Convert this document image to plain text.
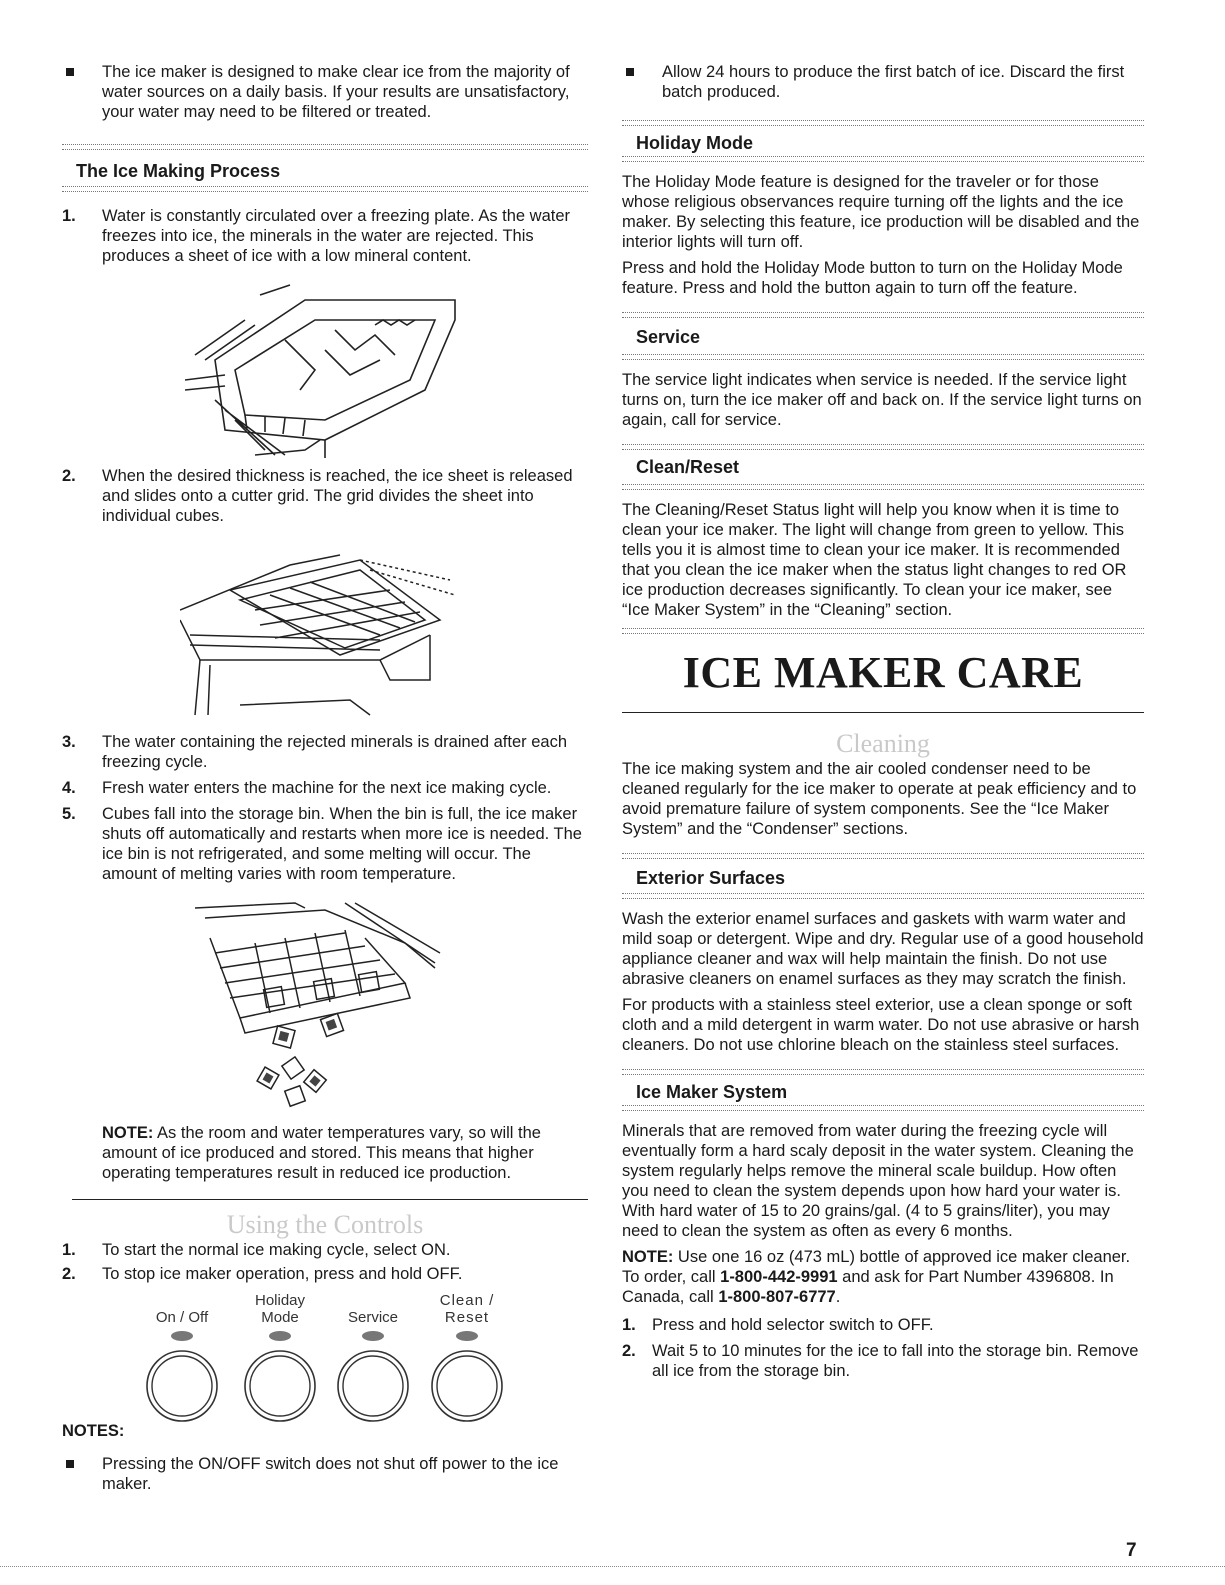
The ice maker is designed to make clear ice from the majority of water sources on a daily basis. If your results are unsatisfactory, your water may need to be filtered or treated.
The Ice Making Process
1. Water is constantly circulated over a freezing plate. As the water freezes into ice, the minerals in the water are rejected. This produces a sheet of ice with a low mineral content.
2. When the desired thickness is reached, the ice sheet is released and slides onto a cutter grid. The grid divides the sheet into individual cubes.
3. The water containing the rejected minerals is drained after each freezing cycle.
4. Fresh water enters the machine for the next ice making cycle.
5. Cubes fall into the storage bin. When the bin is full, the ice maker shuts off automatically and restarts when more ice is needed. The ice bin is not refrigerated, and some melting will occur. The amount of melting varies with room temperature.

NOTE: As the room and water temperatures vary, so will the amount of ice produced and stored. This means that higher operating temperatures result in reduced ice production.

Using the Controls
1. To start the normal ice making cycle, select ON.
2. To stop ice maker operation, press and hold OFF.
On / Off
Holiday
Mode	Service
Clean /
Reset
NOTES:
Pressing the ON/OFF switch does not shut off power to the ice maker.
Allow 24 hours to produce the first batch of ice. Discard the first batch produced.
Holiday Mode

The Holiday Mode feature is designed for the traveler or for those whose religious observances require turning off the lights and the ice maker. By selecting this feature, ice production will be disabled and the interior lights will turn off.

Press and hold the Holiday Mode button to turn on the Holiday Mode feature. Press and hold the button again to turn off the feature.

Service

The service light indicates when service is needed. If the service light turns on, turn the ice maker off and back on. If the service light turns on again, call for service.

Clean/Reset

The Cleaning/Reset Status light will help you know when it is time to clean your ice maker. The light will change from green to yellow. This tells you it is almost time to clean your ice maker. It is recommended that you clean the ice maker when the status light changes to red OR ice production decreases significantly. To clean your ice maker, see “Ice Maker System” in the “Cleaning” section.

ICE MAKER CARE
Cleaning

The ice making system and the air cooled condenser need to be cleaned regularly for the ice maker to operate at peak efficiency and to avoid premature failure of system components. See the “Ice Maker System” and the “Condenser” sections.

Exterior Surfaces

Wash the exterior enamel surfaces and gaskets with warm water and mild soap or detergent. Wipe and dry. Regular use of a good household appliance cleaner and wax will help maintain the finish. Do not use abrasive cleaners on enamel surfaces as they may scratch the finish.

For products with a stainless steel exterior, use a clean sponge or soft cloth and a mild detergent in warm water. Do not use abrasive or harsh cleaners. Do not use chlorine bleach on the stainless steel surfaces.

Ice Maker System

Minerals that are removed from water during the freezing cycle will eventually form a hard scaly deposit in the water system. Cleaning the system regularly helps remove the mineral scale buildup. How often you need to clean the system depends upon how hard your water is. With hard water of 15 to 20 grains/gal. (4 to 5 grains/liter), you may need to clean the system as often as every 6 months.

NOTE: Use one 16 oz (473 mL) bottle of approved ice maker cleaner. To order, call 1-800-442-9991 and ask for Part Number 4396808. In Canada, call 1-800-807-6777.

1. Press and hold selector switch to OFF.
2. Wait 5 to 10 minutes for the ice to fall into the storage bin. Remove all ice from the storage bin.
7
